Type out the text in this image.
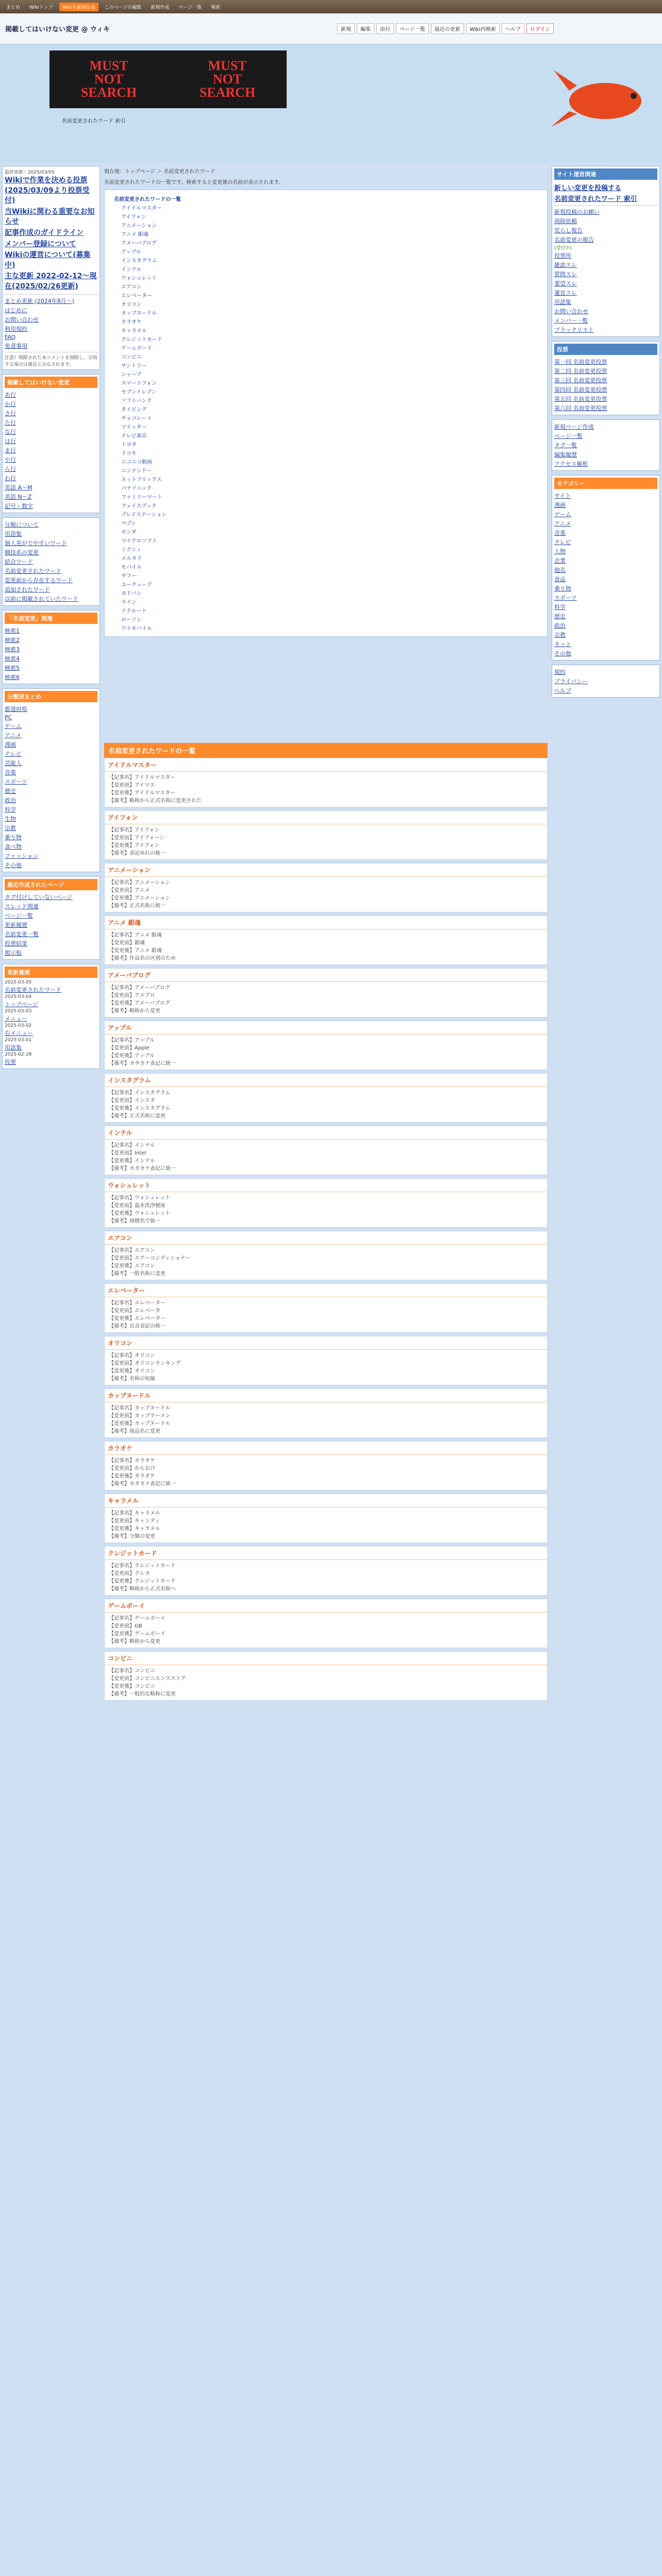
まとめ	Wikiトップ	Wikiを新規作成	このページの編集	新規作成	ページ一覧	検索
掲載してはいけない変更 @ ウィキ	新規	編集	添付	ページ一覧	最近の更新	Wiki内検索	ヘルプ	ログイン
MUST
NOT
SEARCH
MUST
NOT
SEARCH
名前変更されたワード 索引
最終更新：2025/03/05
Wikiで作業を決める投票(2025/03/09より投票受付)
当Wikiに関わる重要なお知らせ
記事作成のガイドライン
メンバー登録について
Wikiの運営について(募集中)
主な更新 2022-02-12〜現在(2025/02/26更新)
まとめ更新 (2024年8月〜)
はじめに
お問い合わせ
利用規約
FAQ
免責事項
注意）削除された本コメントを削除し、引用する場合は違反とみなされます。
掲載してはいけない変更
あ行
か行
さ行
た行
な行
は行
ま行
や行
ら行
わ行
英語 A〜M
英語 N〜Z
記号・数字
分類について
用語集
個人差がでやすいワード
競技系の変更
結合ワード
名前変更されたワード
変更前から存在するワード
追加されたワード
以前に掲載されていたワード
「名前変更」関連
検索1
検索2
検索3
検索4
検索5
検索6
分類別まとめ
都道府県
PC
ゲーム
アニメ
漫画
テレビ
芸能人
音楽
スポーツ
歴史
政治
科学
生物
宗教
乗り物
食べ物
ファッション
その他
最近作成されたページ
タグ付けしていないページ
スレッド関連
ページ一覧
更新履歴
名前変更一覧
投票結果
掲示板
更新履歴
2025-03-05
名前変更されたワード
2025-03-04
トップページ
2025-03-03
メニュー
2025-03-02
右メニュー
2025-03-01
用語集
2025-02-28
投票
現在地：トップページ ＞ 名前変更されたワード
名前変更されたワードの一覧です。検索すると変更後の名前が表示されます。
名前変更されたワードの一覧
アイドルマスター
アイフォン
アニメーション
アニメ 銀魂
アメーバブログ
アップル
インスタグラム
インテル
ウォシュレット
エアコン
エレベーター
オリコン
カップヌードル
カラオケ
キャラメル
クレジットカード
ゲームボーイ
コンビニ
サントリー
シャープ
スマートフォン
セブンイレブン
ソフトバンク
タイピング
チョコレート
ツイッター
テレビ東京
トヨタ
ドコモ
ニコニコ動画
ニンテンドー
ネットフリックス
パナソニック
ファミリーマート
フェイスブック
プレイステーション
ペプシ
ホンダ
マイクロソフト
ミクシィ
メルカリ
モバイル
ヤフー
ユーチューブ
ヨドバシ
ライン
リクルート
ローソン
ワイモバイル
名前変更されたワードの一覧
アイドルマスター
【記事名】アイドルマスター
【変更前】アイマス
【変更後】アイドルマスター
【備考】略称から正式名称に変更された
アイフォン
【記事名】アイフォン
【変更前】アイフォーン
【変更後】アイフォン
【備考】表記ゆれの統一
アニメーション
【記事名】アニメーション
【変更前】アニメ
【変更後】アニメーション
【備考】正式名称に統一
アニメ 銀魂
【記事名】アニメ 銀魂
【変更前】銀魂
【変更後】アニメ 銀魂
【備考】作品名の区別のため
アメーバブログ
【記事名】アメーバブログ
【変更前】アメブロ
【変更後】アメーバブログ
【備考】略称から変更
アップル
【記事名】アップル
【変更前】Apple
【変更後】アップル
【備考】カタカナ表記に統一
インスタグラム
【記事名】インスタグラム
【変更前】インスタ
【変更後】インスタグラム
【備考】正式名称に変更
インテル
【記事名】インテル
【変更前】Intel
【変更後】インテル
【備考】カタカナ表記に統一
ウォシュレット
【記事名】ウォシュレット
【変更前】温水洗浄便座
【変更後】ウォシュレット
【備考】商標名で統一
エアコン
【記事名】エアコン
【変更前】エアーコンディショナー
【変更後】エアコン
【備考】一般名称に変更
エレベーター
【記事名】エレベーター
【変更前】エレベータ
【変更後】エレベーター
【備考】長音表記の統一
オリコン
【記事名】オリコン
【変更前】オリコンランキング
【変更後】オリコン
【備考】名称の短縮
カップヌードル
【記事名】カップヌードル
【変更前】カップラーメン
【変更後】カップヌードル
【備考】商品名に変更
カラオケ
【記事名】カラオケ
【変更前】からおけ
【変更後】カラオケ
【備考】カタカナ表記に統一
キャラメル
【記事名】キャラメル
【変更前】キャンディ
【変更後】キャラメル
【備考】分類の変更
クレジットカード
【記事名】クレジットカード
【変更前】クレカ
【変更後】クレジットカード
【備考】略称から正式名称へ
ゲームボーイ
【記事名】ゲームボーイ
【変更前】GB
【変更後】ゲームボーイ
【備考】略称から変更
コンビニ
【記事名】コンビニ
【変更前】コンビニエンスストア
【変更後】コンビニ
【備考】一般的な略称に変更
サイト運営関連
新しい変更を投稿する
名前変更されたワード 索引
新規投稿のお願い
削除依頼
荒らし報告
名前変更の報告
(受付中)
投票所
雑談スレ
質問スレ
要望スレ
運営スレ
用語集
お問い合わせ
メンバー一覧
ブラックリスト
投票
第一回 名前変更投票
第二回 名前変更投票
第三回 名前変更投票
第四回 名前変更投票
第五回 名前変更投票
第六回 名前変更投票
新規ページ作成
ページ一覧
タグ一覧
編集履歴
アクセス解析
カテゴリー
サイト
漫画
ゲーム
アニメ
音楽
テレビ
人物
企業
地名
食品
乗り物
スポーツ
科学
歴史
政治
宗教
ネット
その他
規約
プライバシー
ヘルプ
